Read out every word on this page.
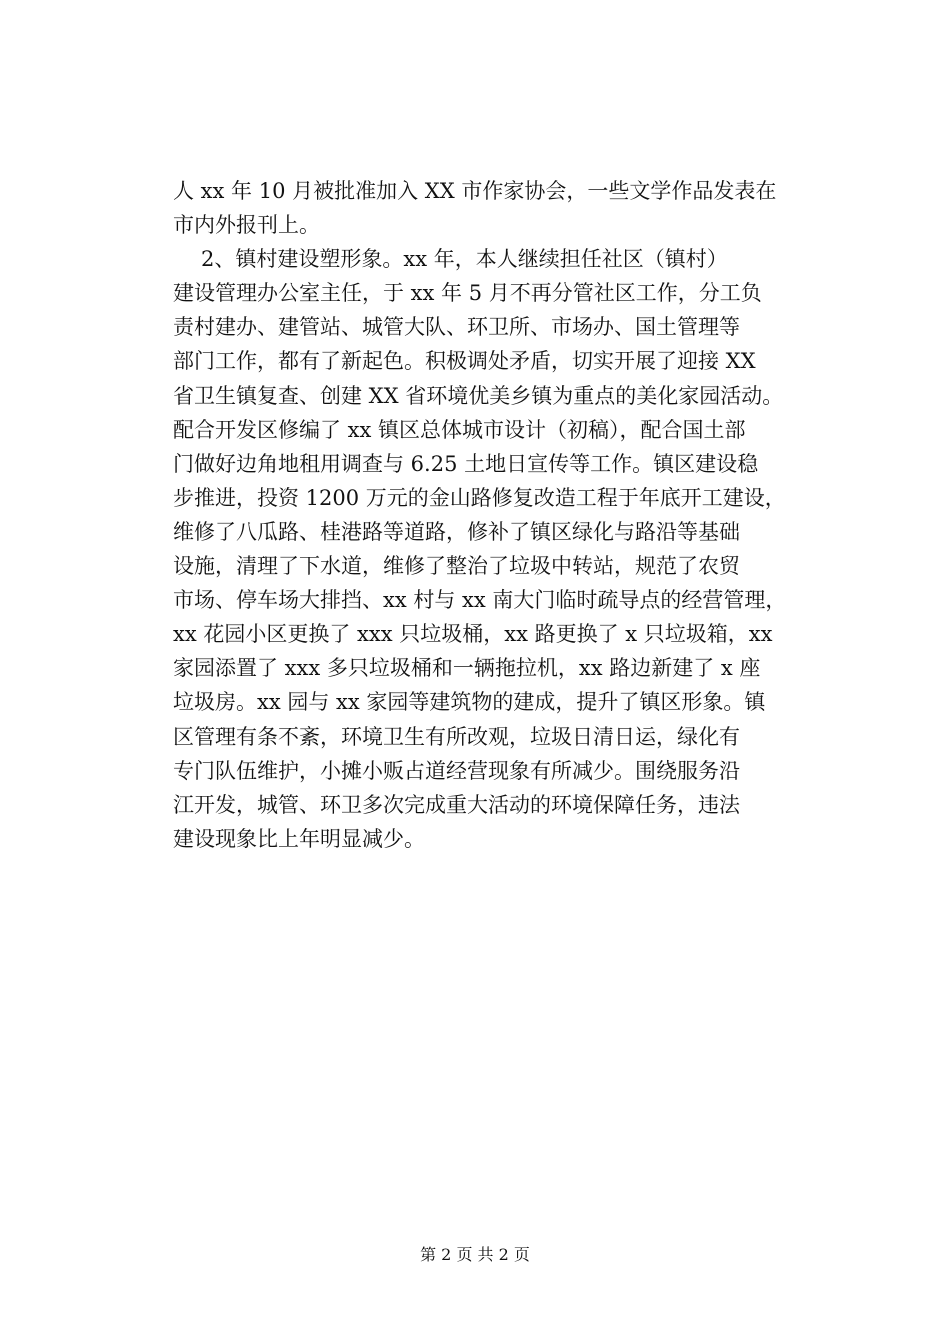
人 xx 年 10 月被批准加入 XX 市作家协会，一些文学作品发表在
市内外报刊上。
2、镇村建设塑形象。xx 年，本人继续担任社区（镇村）
建设管理办公室主任，于 xx 年 5 月不再分管社区工作，分工负
责村建办、建管站、城管大队、环卫所、市场办、国土管理等
部门工作，都有了新起色。积极调处矛盾，切实开展了迎接 XX
省卫生镇复查、创建 XX 省环境优美乡镇为重点的美化家园活动。
配合开发区修编了 xx 镇区总体城市设计（初稿），配合国土部
门做好边角地租用调查与 6.25 土地日宣传等工作。镇区建设稳
步推进，投资 1200 万元的金山路修复改造工程于年底开工建设，
维修了八瓜路、桂港路等道路，修补了镇区绿化与路沿等基础
设施，清理了下水道，维修了整治了垃圾中转站，规范了农贸
市场、停车场大排挡、xx 村与 xx 南大门临时疏导点的经营管理，
xx 花园小区更换了 xxx 只垃圾桶，xx 路更换了 x 只垃圾箱，xx
家园添置了 xxx 多只垃圾桶和一辆拖拉机，xx 路边新建了 x 座
垃圾房。xx 园与 xx 家园等建筑物的建成，提升了镇区形象。镇
区管理有条不紊，环境卫生有所改观，垃圾日清日运，绿化有
专门队伍维护，小摊小贩占道经营现象有所减少。围绕服务沿
江开发，城管、环卫多次完成重大活动的环境保障任务，违法
建设现象比上年明显减少。
第 2 页 共 2 页
